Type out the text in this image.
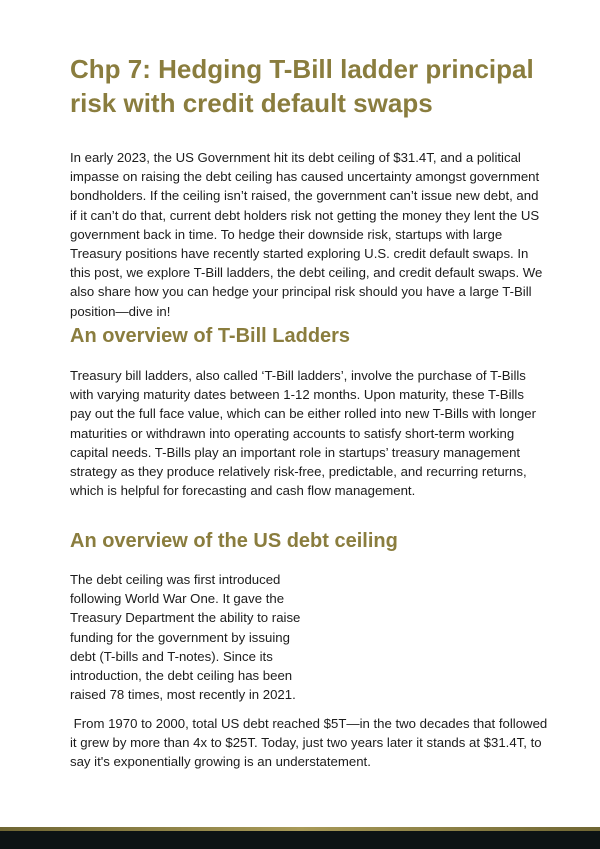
Chp 7: Hedging T-Bill ladder principal risk with credit default swaps

In early 2023, the US Government hit its debt ceiling of $31.4T, and a political impasse on raising the debt ceiling has caused uncertainty amongst government bondholders. If the ceiling isn’t raised, the government can’t issue new debt, and if it can’t do that, current debt holders risk not getting the money they lent the US government back in time. To hedge their downside risk, startups with large Treasury positions have recently started exploring U.S. credit default swaps. In this post, we explore T-Bill ladders, the debt ceiling, and credit default swaps. We also share how you can hedge your principal risk should you have a large T-Bill position—dive in!

An overview of T-Bill Ladders

Treasury bill ladders, also called ‘T-Bill ladders’, involve the purchase of T-Bills with varying maturity dates between 1-12 months. Upon maturity, these T-Bills pay out the full face value, which can be either rolled into new T-Bills with longer maturities or withdrawn into operating accounts to satisfy short-term working capital needs. T-Bills play an important role in startups’ treasury management strategy as they produce relatively risk-free, predictable, and recurring returns, which is helpful for forecasting and cash flow management.

An overview of the US debt ceiling

The debt ceiling was first introduced following World War One. It gave the Treasury Department the ability to raise funding for the government by issuing debt (T-bills and T-notes). Since its introduction, the debt ceiling has been raised 78 times, most recently in 2021.

From 1970 to 2000, total US debt reached $5T—in the two decades that followed it grew by more than 4x to $25T. Today, just two years later it stands at $31.4T, to say it's exponentially growing is an understatement.
